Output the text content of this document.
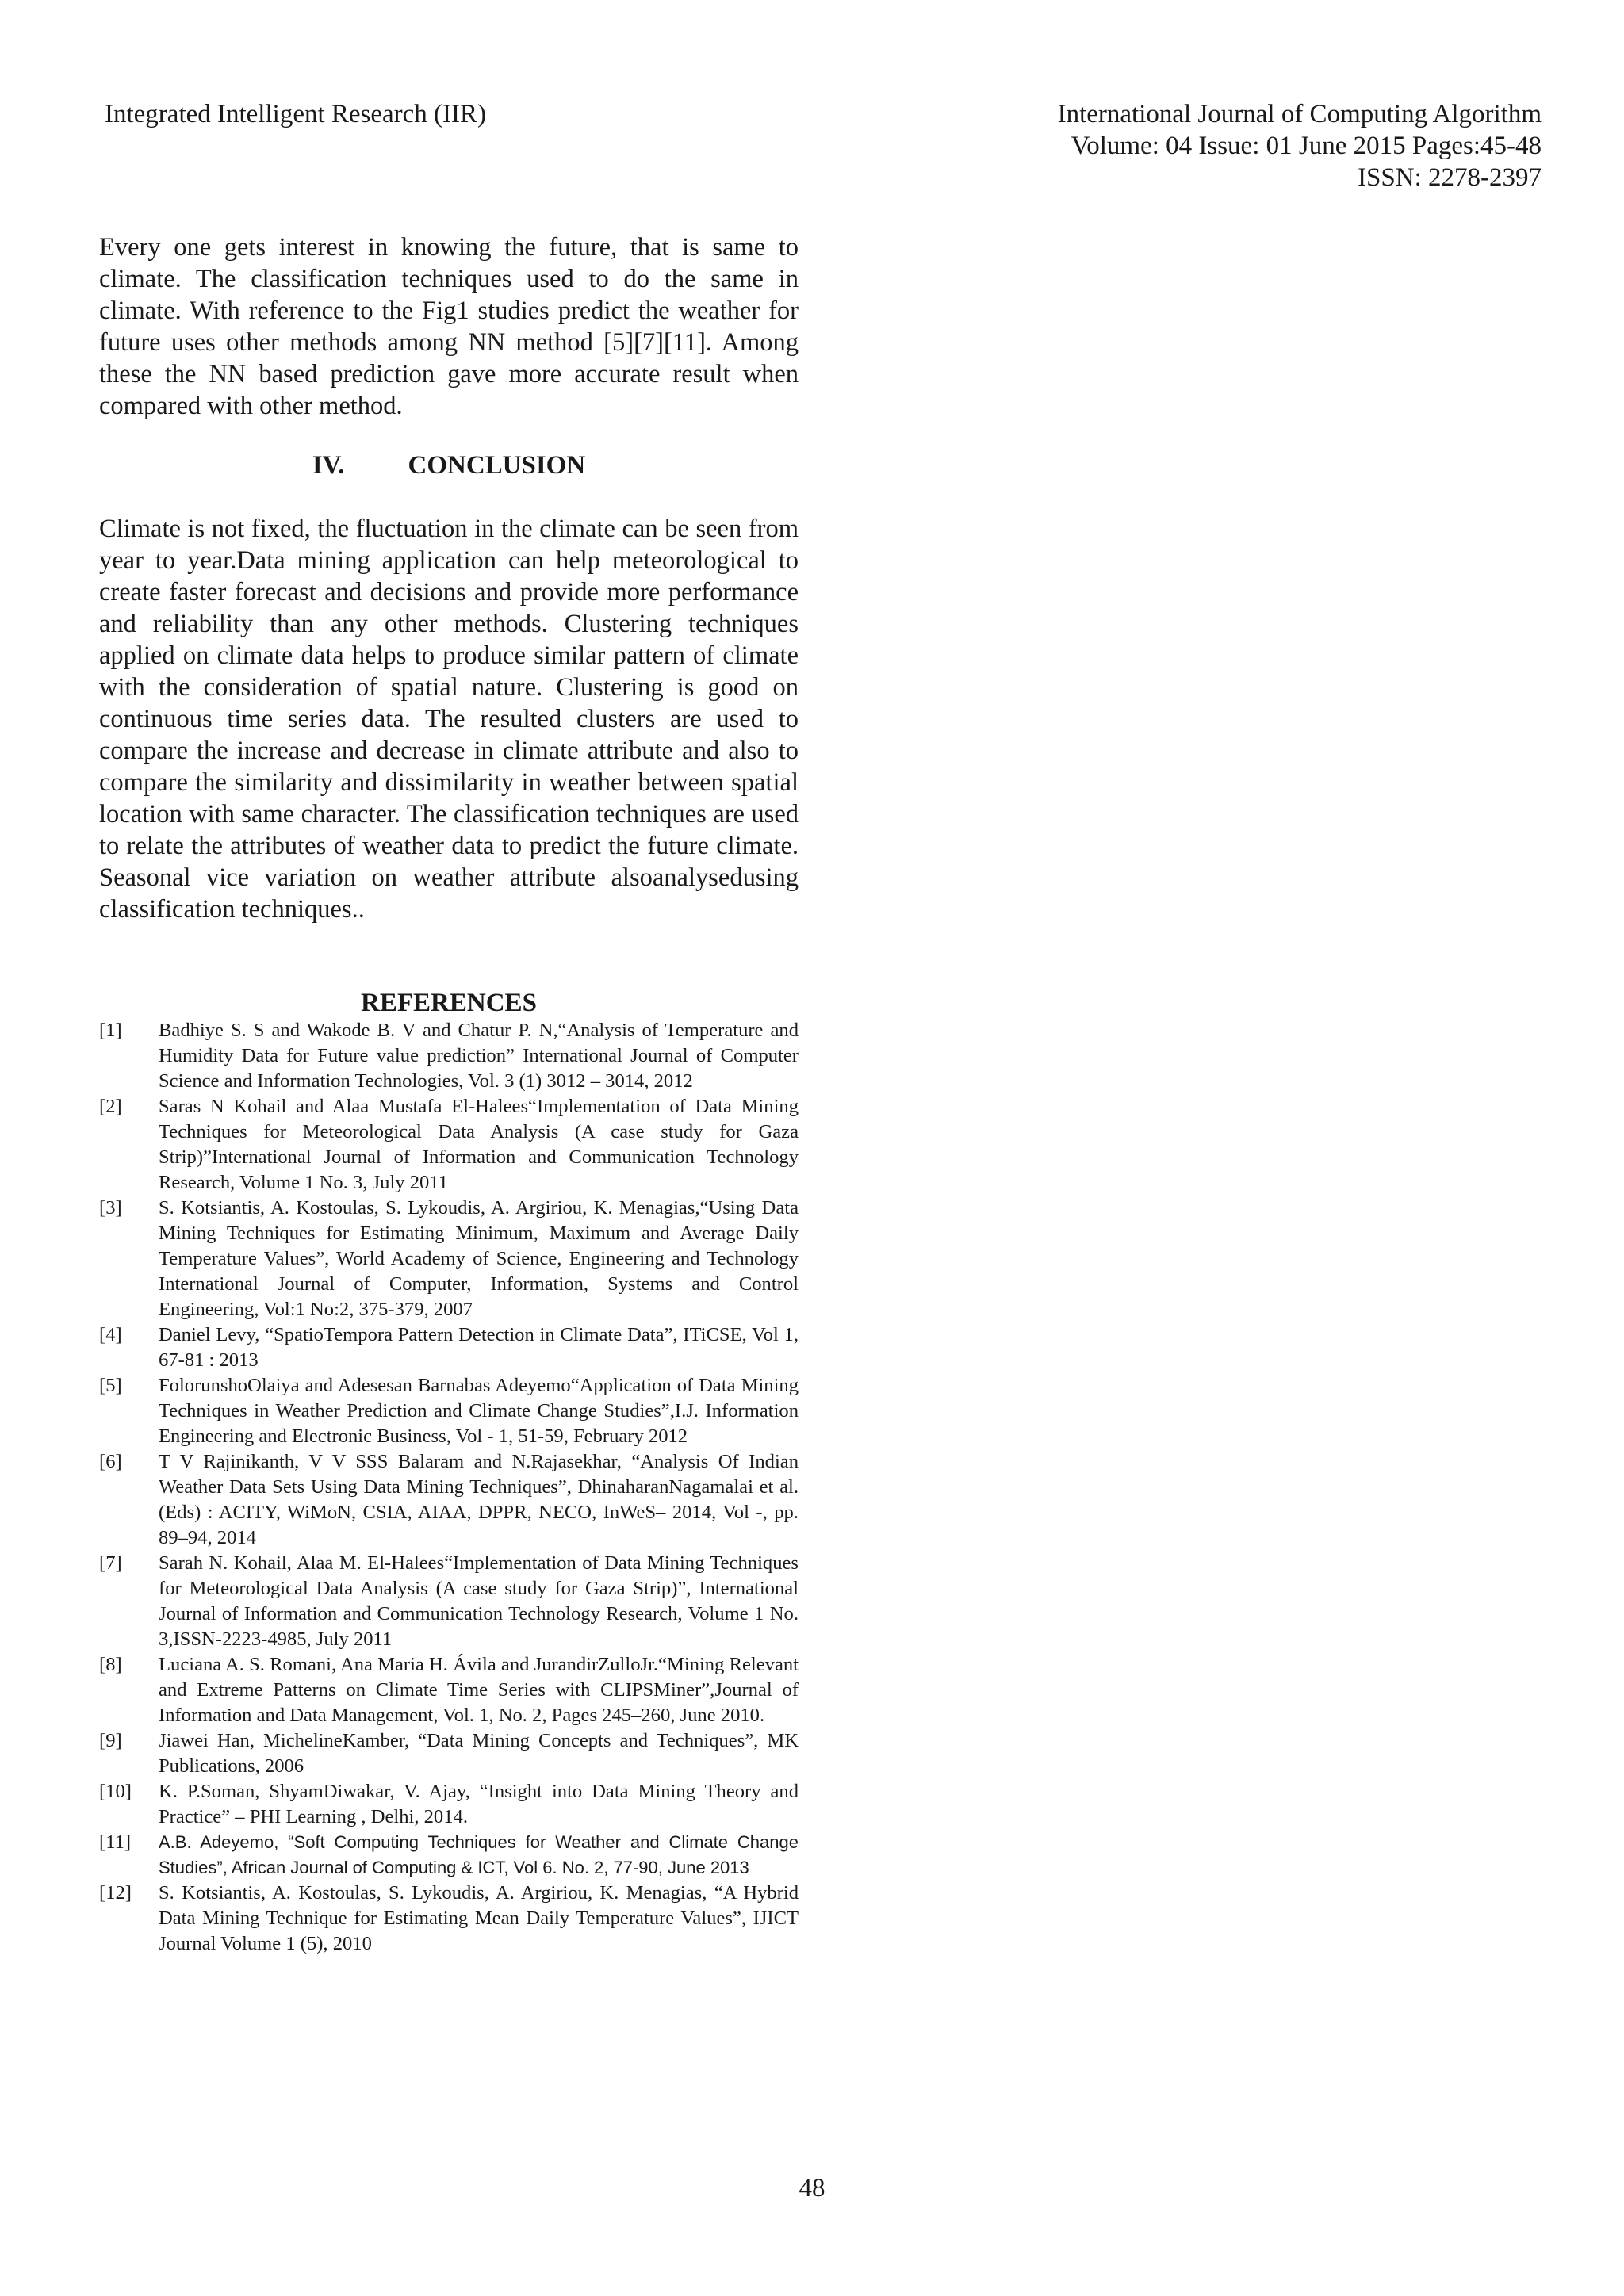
Integrated Intelligent Research (IIR)	International Journal of Computing Algorithm
Volume: 04 Issue: 01 June 2015 Pages:45-48
ISSN: 2278-2397

Every one gets interest in knowing the future, that is same to climate. The classification techniques used to do the same in climate. With reference to the Fig1 studies predict the weather for future uses other methods among NN method [5][7][11]. Among these the NN based prediction gave more accurate result when compared with other method.

IV. CONCLUSION

Climate is not fixed, the fluctuation in the climate can be seen from year to year.Data mining application can help meteorological to create faster forecast and decisions and provide more performance and reliability than any other methods. Clustering techniques applied on climate data helps to produce similar pattern of climate with the consideration of spatial nature. Clustering is good on continuous time series data. The resulted clusters are used to compare the increase and decrease in climate attribute and also to compare the similarity and dissimilarity in weather between spatial location with same character. The classification techniques are used to relate the attributes of weather data to predict the future climate. Seasonal vice variation on weather attribute alsoanalysedusing classification techniques..

REFERENCES
[1]	Badhiye S. S and Wakode B. V and Chatur P. N,“Analysis of Temperature and Humidity Data for Future value prediction” International Journal of Computer Science and Information Technologies, Vol. 3 (1) 3012 – 3014, 2012
[2]	Saras N Kohail and Alaa Mustafa El-Halees“Implementation of Data Mining Techniques for Meteorological Data Analysis (A case study for Gaza Strip)”International Journal of Information and Communication Technology Research, Volume 1 No. 3, July 2011
[3]	S. Kotsiantis, A. Kostoulas, S. Lykoudis, A. Argiriou, K. Menagias,“Using Data Mining Techniques for Estimating Minimum, Maximum and Average Daily Temperature Values”, World Academy of Science, Engineering and Technology International Journal of Computer, Information, Systems and Control Engineering, Vol:1 No:2, 375-379, 2007
[4]	Daniel Levy, “SpatioTempora Pattern Detection in Climate Data”, ITiCSE, Vol 1, 67-81 : 2013
[5]	FolorunshoOlaiya and Adesesan Barnabas Adeyemo“Application of Data Mining Techniques in Weather Prediction and Climate Change Studies”,I.J. Information Engineering and Electronic Business, Vol - 1, 51-59, February 2012
[6]	T V Rajinikanth, V V SSS Balaram and N.Rajasekhar, “Analysis Of Indian Weather Data Sets Using Data Mining Techniques”, DhinaharanNagamalai et al. (Eds) : ACITY, WiMoN, CSIA, AIAA, DPPR, NECO, InWeS– 2014, Vol -, pp. 89–94, 2014
[7]	Sarah N. Kohail, Alaa M. El-Halees“Implementation of Data Mining Techniques for Meteorological Data Analysis (A case study for Gaza Strip)”, International Journal of Information and Communication Technology Research, Volume 1 No. 3,ISSN-2223-4985, July 2011
[8]	Luciana A. S. Romani, Ana Maria H. Ávila and JurandirZulloJr.“Mining Relevant and Extreme Patterns on Climate Time Series with CLIPSMiner”,Journal of Information and Data Management, Vol. 1, No. 2, Pages 245–260, June 2010.
[9]	Jiawei Han, MichelineKamber, “Data Mining Concepts and Techniques”, MK Publications, 2006
[10]	K. P.Soman, ShyamDiwakar, V. Ajay, “Insight into Data Mining Theory and Practice” – PHI Learning , Delhi, 2014.
[11]	A.B. Adeyemo, “Soft Computing Techniques for Weather and Climate Change Studies”, African Journal of Computing & ICT, Vol 6. No. 2, 77-90, June 2013
[12]	S. Kotsiantis, A. Kostoulas, S. Lykoudis, A. Argiriou, K. Menagias, “A Hybrid Data Mining Technique for Estimating Mean Daily Temperature Values”, IJICT Journal Volume 1 (5), 2010
48
